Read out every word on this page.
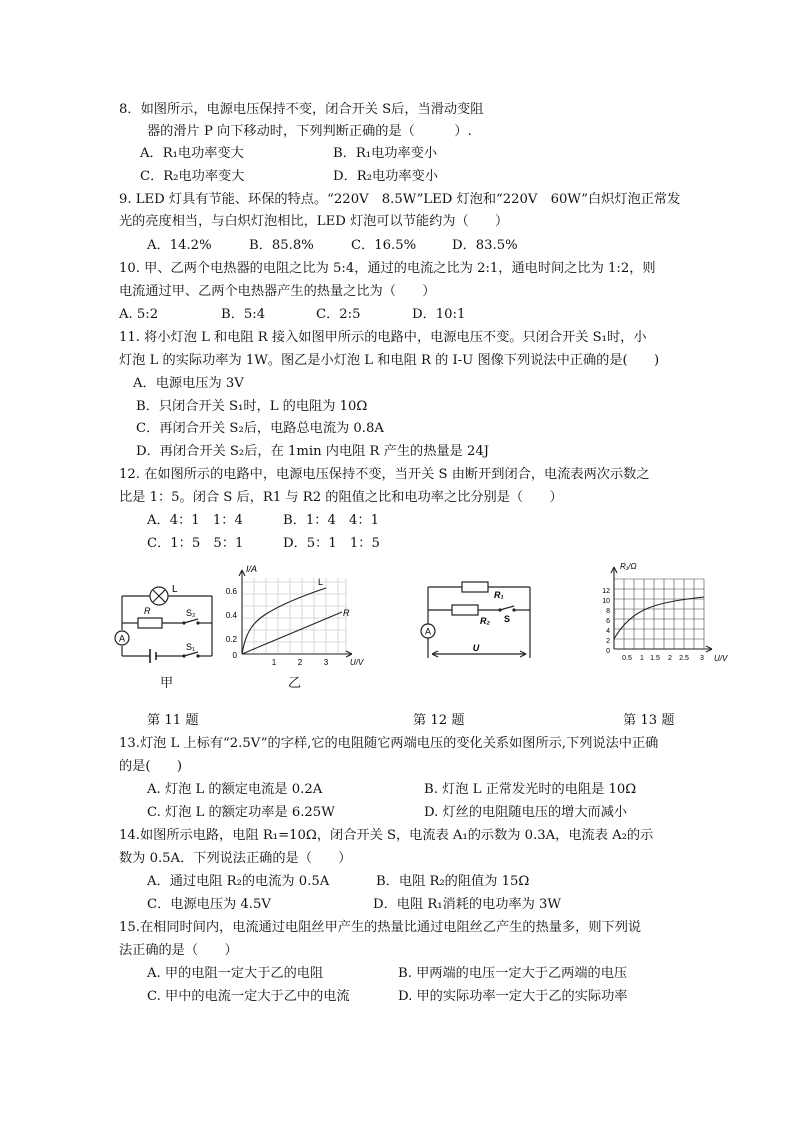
8．如图所示，电源电压保持不变，闭合开关 S后，当滑动变阻
器的滑片 P 向下移动时，下列判断正确的是（　　　）.
A．R₁电功率变大	B．R₁电功率变小
C．R₂电功率变大	D．R₂电功率变小
9. LED 灯具有节能、环保的特点。“220V　8.5W”LED 灯泡和“220V　60W”白炽灯泡正常发
光的亮度相当，与白炽灯泡相比，LED 灯泡可以节能约为（　　）
A．14.2%	B．85.8%	C．16.5%	D．83.5%
10. 甲、乙两个电热器的电阻之比为 5:4，通过的电流之比为 2:1，通电时间之比为 1:2，则
电流通过甲、乙两个电热器产生的热量之比为（　　）
A. 5:2	B．5:4	C．2:5	D．10:1
11. 将小灯泡 L 和电阻 R 接入如图甲所示的电路中，电源电压不变。只闭合开关 S₁时，小
灯泡 L 的实际功率为 1W。图乙是小灯泡 L 和电阻 R 的 I-U 图像下列说法中正确的是(　　)
A．电源电压为 3V
B．只闭合开关 S₁时，L 的电阻为 10Ω
C．再闭合开关 S₂后，电路总电流为 0.8A
D．再闭合开关 S₂后，在 1min 内电阻 R 产生的热量是 24J
12. 在如图所示的电路中，电源电压保持不变，当开关 S 由断开到闭合，电流表两次示数之
比是 1：5。闭合 S 后，R1 与 R2 的阻值之比和电功率之比分别是（　　）
A．4：1　1：4	B．1：4　4：1
C．1：5　5：1	D．5：1　1：5
L
R	S₂
S₁
A
甲
I/A
0.6
0.4
0.2
0
1	2	3	U/V
L
R
乙
R₁
R₂ S
A
U
R₁/Ω
12
10
8
6
4
2
0
0.5 1 1.5 2 2.5 3 U/V
第 11 题	第 12 题	第 13 题
13.灯泡 L 上标有“2.5V”的字样,它的电阻随它两端电压的变化关系如图所示,下列说法中正确
的是(　　)
A. 灯泡 L 的额定电流是 0.2A	B. 灯泡 L 正常发光时的电阻是 10Ω
C. 灯泡 L 的额定功率是 6.25W	D. 灯丝的电阻随电压的增大而减小
14.如图所示电路，电阻 R₁=10Ω，闭合开关 S，电流表 A₁的示数为 0.3A，电流表 A₂的示
数为 0.5A．下列说法正确的是（　　）
A．通过电阻 R₂的电流为 0.5A	B．电阻 R₂的阻值为 15Ω
C．电源电压为 4.5V	D．电阻 R₁消耗的电功率为 3W
15.在相同时间内，电流通过电阻丝甲产生的热量比通过电阻丝乙产生的热量多，则下列说
法正确的是（　　）
A. 甲的电阻一定大于乙的电阻	B. 甲两端的电压一定大于乙两端的电压
C. 甲中的电流一定大于乙中的电流	D. 甲的实际功率一定大于乙的实际功率
